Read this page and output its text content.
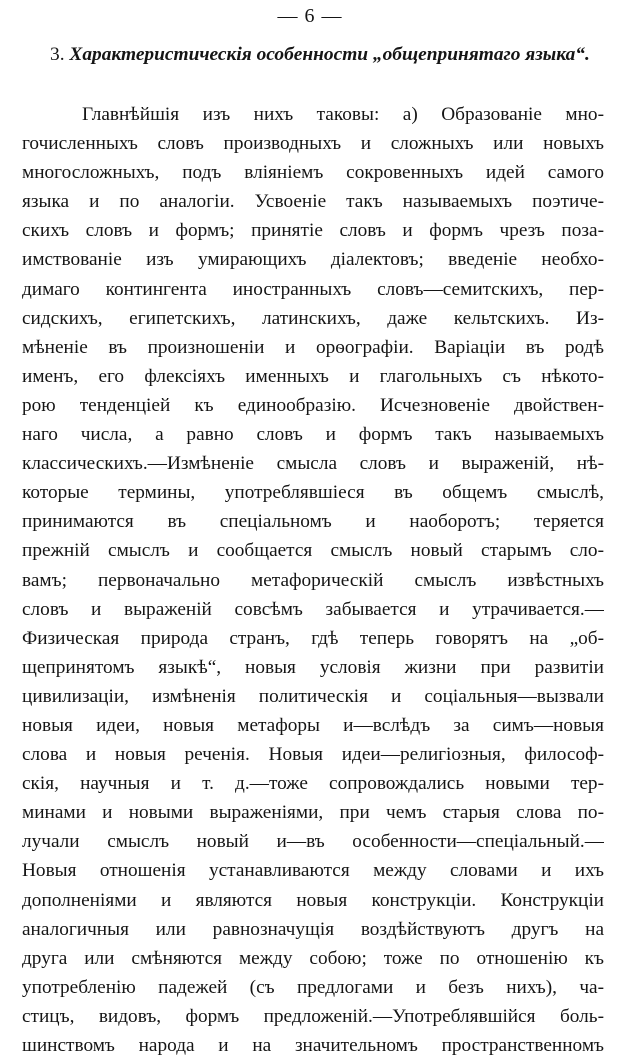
— 6 —
3. Характеристическія особенности „общепринятаго языка“.
Главнѣйшія изъ нихъ таковы: а) Образованіе мно-
гочисленныхъ словъ производныхъ и сложныхъ или новыхъ
многосложныхъ, подъ вліяніемъ сокровенныхъ идей самого
языка и по аналогіи. Усвоеніе такъ называемыхъ поэтиче-
скихъ словъ и формъ; принятіе словъ и формъ чрезъ поза-
имствованіе изъ умирающихъ діалектовъ; введеніе необхо-
димаго контингента иностранныхъ словъ—семитскихъ, пер-
сидскихъ, египетскихъ, латинскихъ, даже кельтскихъ. Из-
мѣненіе въ произношеніи и орѳографіи. Варіаціи въ родѣ
именъ, его флексіяхъ именныхъ и глагольныхъ съ нѣкото-
рою тенденціей къ единообразію. Исчезновеніе двойствен-
наго числа, а равно словъ и формъ такъ называемыхъ
классическихъ.—Измѣненіе смысла словъ и выраженій, нѣ-
которые термины, употреблявшіеся въ общемъ смыслѣ,
принимаются въ спеціальномъ и наоборотъ; теряется
прежній смыслъ и сообщается смыслъ новый старымъ сло-
вамъ; первоначально метафорическій смыслъ извѣстныхъ
словъ и выраженій совсѣмъ забывается и утрачивается.—
Физическая природа странъ, гдѣ теперь говорятъ на „об-
щепринятомъ языкѣ“, новыя условія жизни при развитіи
цивилизаціи, измѣненія политическія и соціальныя—вызвали
новыя идеи, новыя метафоры и—вслѣдъ за симъ—новыя
слова и новыя реченія. Новыя идеи—религіозныя, философ-
скія, научныя и т. д.—тоже сопровождались новыми тер-
минами и новыми выраженіями, при чемъ старыя слова по-
лучали смыслъ новый и—въ особенности—спеціальный.—
Новыя отношенія устанавливаются между словами и ихъ
дополненіями и являются новыя конструкціи. Конструкціи
аналогичныя или равнозначущія воздѣйствуютъ другъ на
друга или смѣняются между собою; тоже по отношенію къ
употребленію падежей (съ предлогами и безъ нихъ), ча-
стицъ, видовъ, формъ предложеній.—Употреблявшійся боль-
шинствомъ народа и на значительномъ пространственномъ
